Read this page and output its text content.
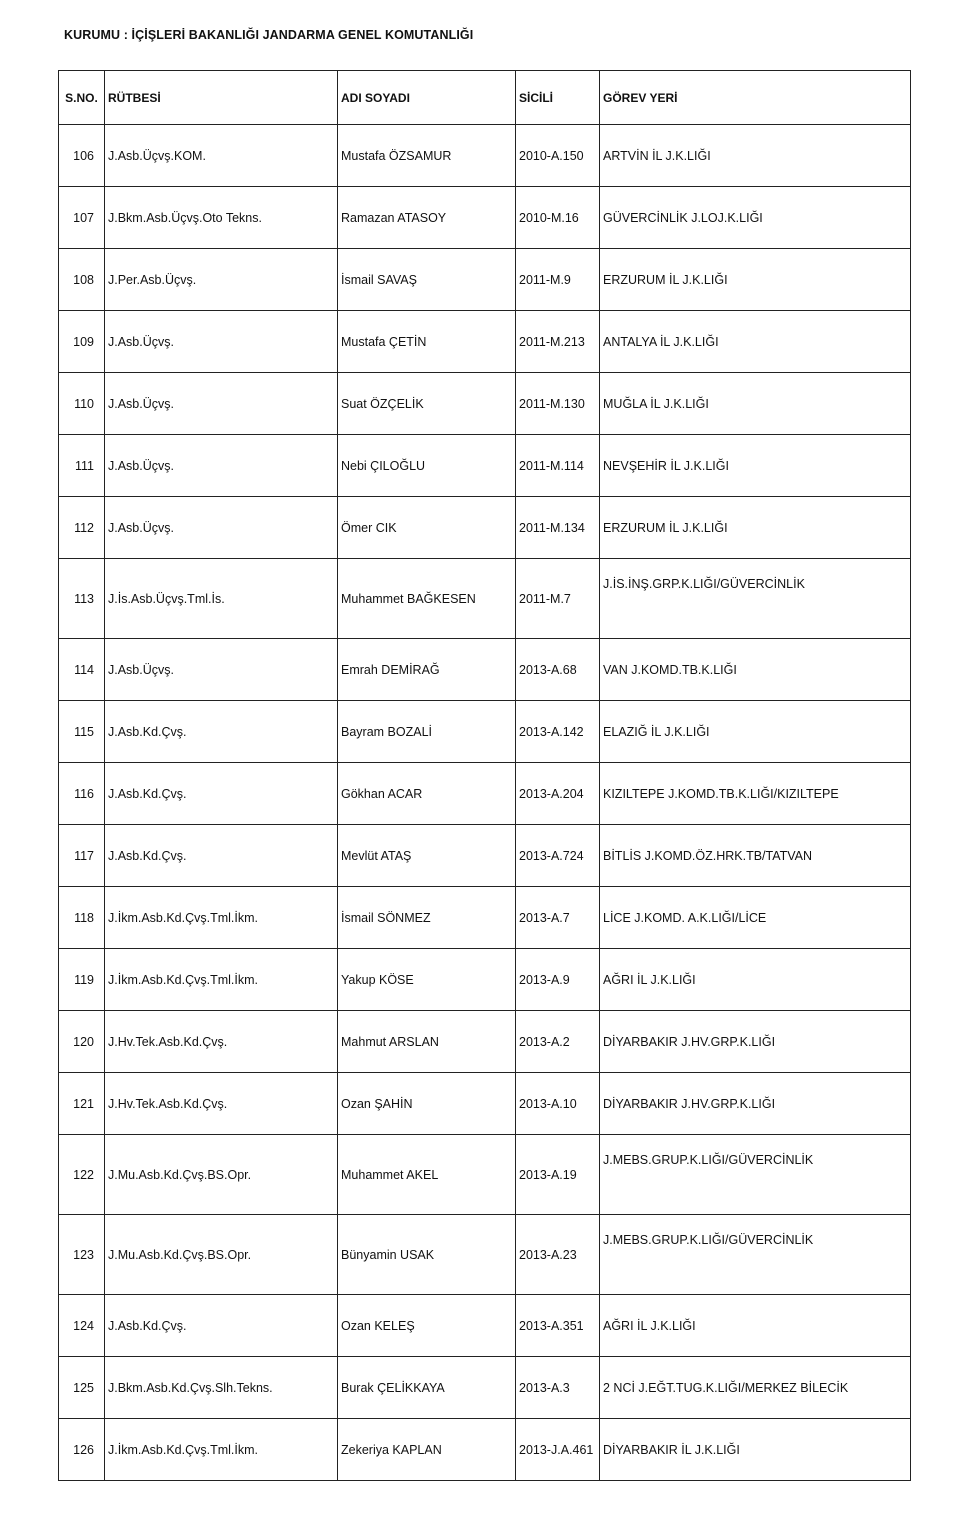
KURUMU : İÇİŞLERİ BAKANLIĞI JANDARMA GENEL KOMUTANLIĞI
S.NO.	RÜTBESİ	ADI SOYADI	SİCİLİ	GÖREV YERİ
106	J.Asb.Üçvş.KOM.	Mustafa ÖZSAMUR	2010-A.150	ARTVİN İL J.K.LIĞI
107	J.Bkm.Asb.Üçvş.Oto Tekns.	Ramazan ATASOY	2010-M.16	GÜVERCİNLİK J.LOJ.K.LIĞI
108	J.Per.Asb.Üçvş.	İsmail SAVAŞ	2011-M.9	ERZURUM İL J.K.LIĞI
109	J.Asb.Üçvş.	Mustafa ÇETİN	2011-M.213	ANTALYA İL J.K.LIĞI
110	J.Asb.Üçvş.	Suat ÖZÇELİK	2011-M.130	MUĞLA İL J.K.LIĞI
111	J.Asb.Üçvş.	Nebi ÇILOĞLU	2011-M.114	NEVŞEHİR İL J.K.LIĞI
112	J.Asb.Üçvş.	Ömer CIK	2011-M.134	ERZURUM İL J.K.LIĞI
113	J.İs.Asb.Üçvş.Tml.İs.	Muhammet BAĞKESEN	2011-M.7	J.İS.İNŞ.GRP.K.LIĞI/GÜVERCİNLİK
114	J.Asb.Üçvş.	Emrah DEMİRAĞ	2013-A.68	VAN J.KOMD.TB.K.LIĞI
115	J.Asb.Kd.Çvş.	Bayram BOZALİ	2013-A.142	ELAZIĞ İL J.K.LIĞI
116	J.Asb.Kd.Çvş.	Gökhan ACAR	2013-A.204	KIZILTEPE J.KOMD.TB.K.LIĞI/KIZILTEPE
117	J.Asb.Kd.Çvş.	Mevlüt ATAŞ	2013-A.724	BİTLİS J.KOMD.ÖZ.HRK.TB/TATVAN
118	J.İkm.Asb.Kd.Çvş.Tml.İkm.	İsmail SÖNMEZ	2013-A.7	LİCE J.KOMD. A.K.LIĞI/LİCE
119	J.İkm.Asb.Kd.Çvş.Tml.İkm.	Yakup KÖSE	2013-A.9	AĞRI İL J.K.LIĞI
120	J.Hv.Tek.Asb.Kd.Çvş.	Mahmut ARSLAN	2013-A.2	DİYARBAKIR J.HV.GRP.K.LIĞI
121	J.Hv.Tek.Asb.Kd.Çvş.	Ozan ŞAHİN	2013-A.10	DİYARBAKIR J.HV.GRP.K.LIĞI
122	J.Mu.Asb.Kd.Çvş.BS.Opr.	Muhammet AKEL	2013-A.19	J.MEBS.GRUP.K.LIĞI/GÜVERCİNLİK
123	J.Mu.Asb.Kd.Çvş.BS.Opr.	Bünyamin USAK	2013-A.23	J.MEBS.GRUP.K.LIĞI/GÜVERCİNLİK
124	J.Asb.Kd.Çvş.	Ozan KELEŞ	2013-A.351	AĞRI İL J.K.LIĞI
125	J.Bkm.Asb.Kd.Çvş.Slh.Tekns.	Burak ÇELİKKAYA	2013-A.3	2 NCİ J.EĞT.TUG.K.LIĞI/MERKEZ BİLECİK
126	J.İkm.Asb.Kd.Çvş.Tml.İkm.	Zekeriya KAPLAN	2013-J.A.461	DİYARBAKIR İL J.K.LIĞI
